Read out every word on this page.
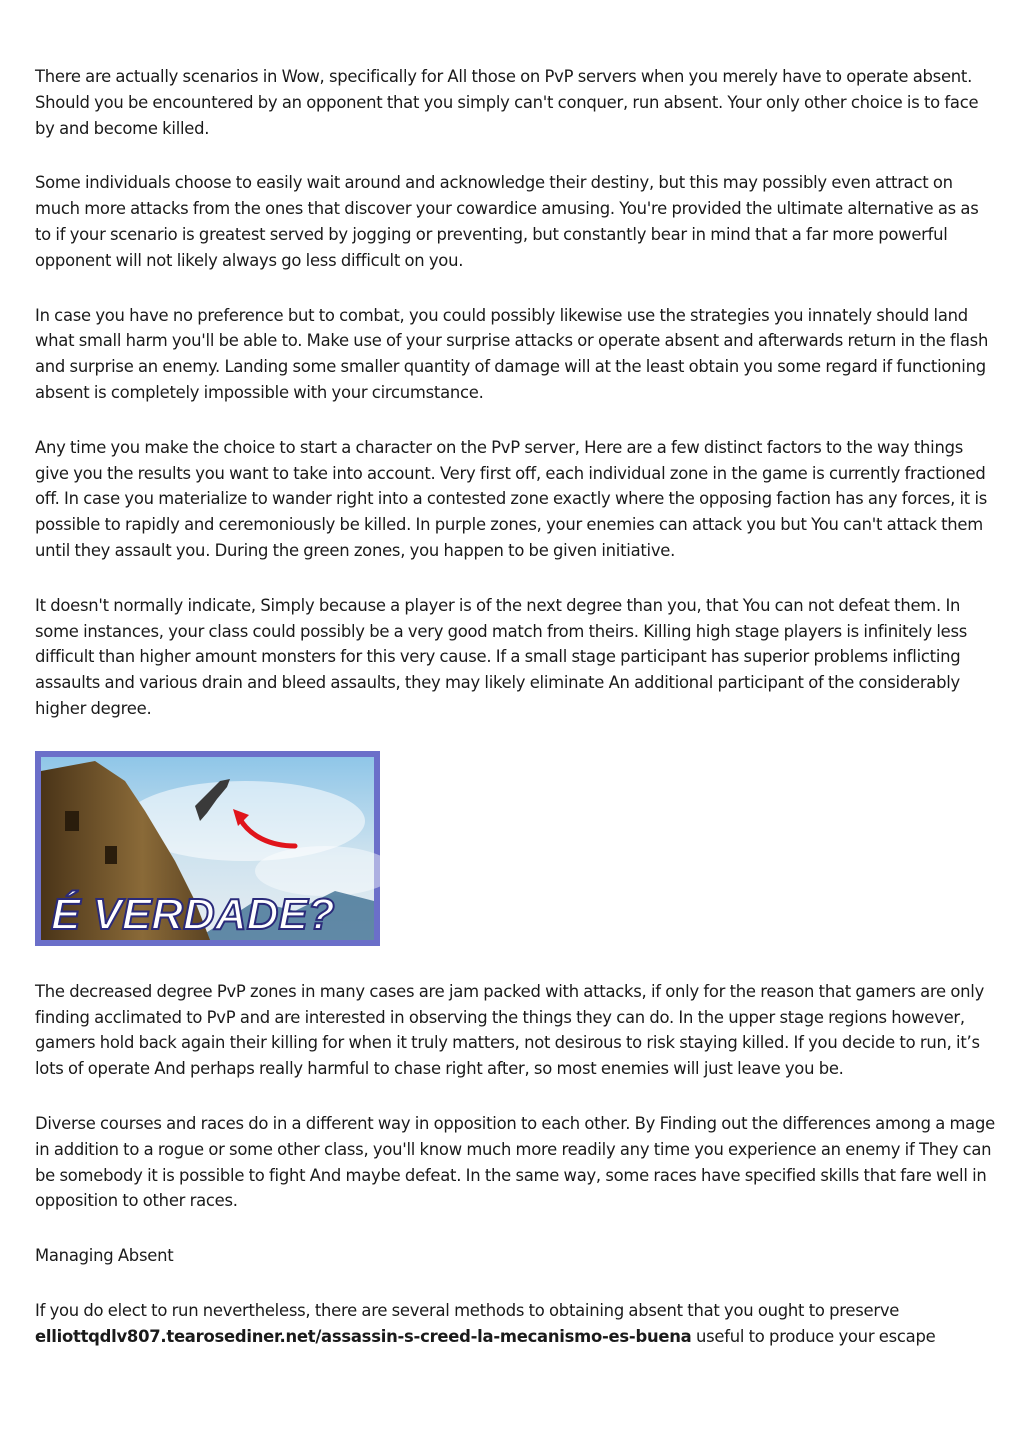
There are actually scenarios in Wow, specifically for All those on PvP servers when you merely have to operate absent. Should you be encountered by an opponent that you simply can't conquer, run absent. Your only other choice is to face by and become killed.

Some individuals choose to easily wait around and acknowledge their destiny, but this may possibly even attract on much more attacks from the ones that discover your cowardice amusing. You're provided the ultimate alternative as as to if your scenario is greatest served by jogging or preventing, but constantly bear in mind that a far more powerful opponent will not likely always go less difficult on you.

In case you have no preference but to combat, you could possibly likewise use the strategies you innately should land what small harm you'll be able to. Make use of your surprise attacks or operate absent and afterwards return in the flash and surprise an enemy. Landing some smaller quantity of damage will at the least obtain you some regard if functioning absent is completely impossible with your circumstance.

Any time you make the choice to start a character on the PvP server, Here are a few distinct factors to the way things give you the results you want to take into account. Very first off, each individual zone in the game is currently fractioned off. In case you materialize to wander right into a contested zone exactly where the opposing faction has any forces, it is possible to rapidly and ceremoniously be killed. In purple zones, your enemies can attack you but You can't attack them until they assault you. During the green zones, you happen to be given initiative.

It doesn't normally indicate, Simply because a player is of the next degree than you, that You can not defeat them. In some instances, your class could possibly be a very good match from theirs. Killing high stage players is infinitely less difficult than higher amount monsters for this very cause. If a small stage participant has superior problems inflicting assaults and various drain and bleed assaults, they may likely eliminate An additional participant of the considerably higher degree.

É VERDADE?

The decreased degree PvP zones in many cases are jam packed with attacks, if only for the reason that gamers are only finding acclimated to PvP and are interested in observing the things they can do. In the upper stage regions however, gamers hold back again their killing for when it truly matters, not desirous to risk staying killed. If you decide to run, it’s lots of operate And perhaps really harmful to chase right after, so most enemies will just leave you be.

Diverse courses and races do in a different way in opposition to each other. By Finding out the differences among a mage in addition to a rogue or some other class, you'll know much more readily any time you experience an enemy if They can be somebody it is possible to fight And maybe defeat. In the same way, some races have specified skills that fare well in opposition to other races.

Managing Absent

If you do elect to run nevertheless, there are several methods to obtaining absent that you ought to preserve elliottqdlv807.tearosediner.net/assassin-s-creed-la-mecanismo-es-buena useful to produce your escape
